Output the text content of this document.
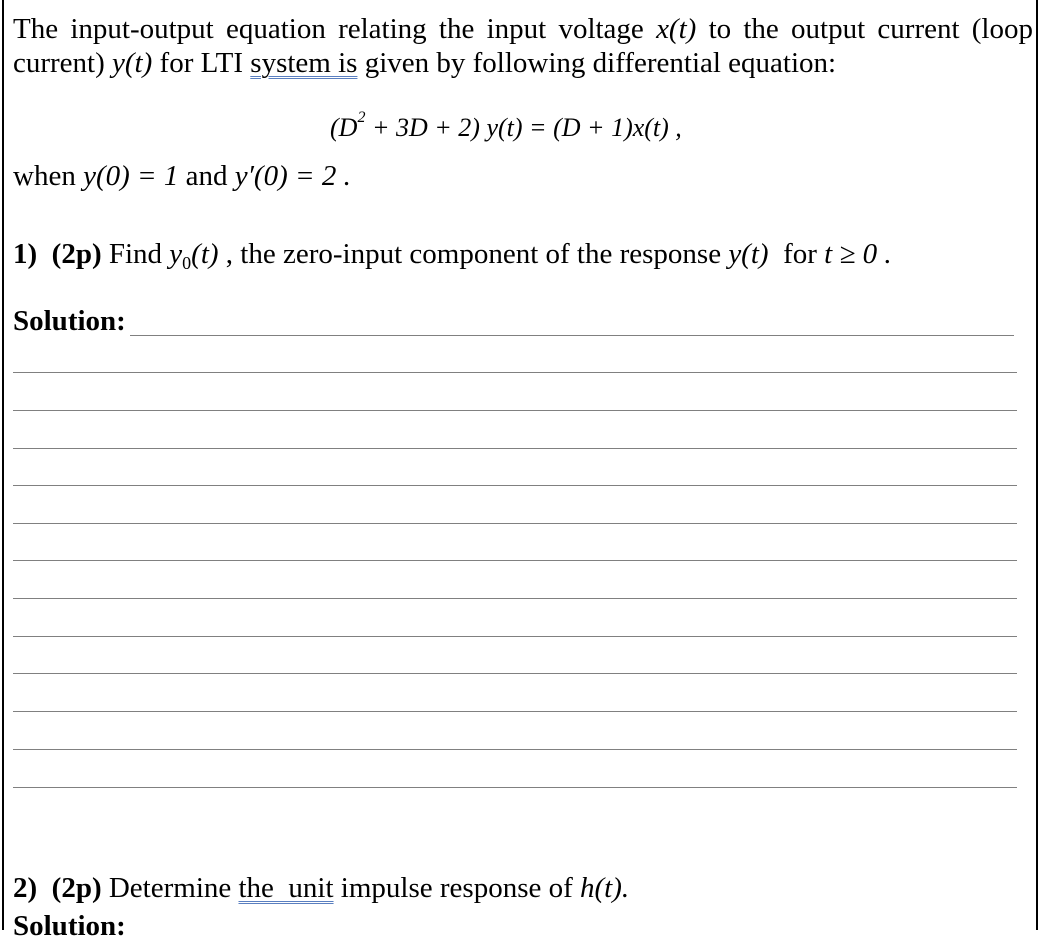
The input-output equation relating the input voltage x(t) to the output current (loop current) y(t) for LTI system is given by following differential equation:
$(D^2 + 3D + 2) y(t) = (D + 1)x(t)$ ,
when y(0) = 1 and y′(0) = 2 .
1)  (2p) Find $y_0(t)$ , the zero-input component of the response y(t)  for t ≥ 0 .
Solution:
2)  (2p) Determine the  unit impulse response of h(t).
Solution:
